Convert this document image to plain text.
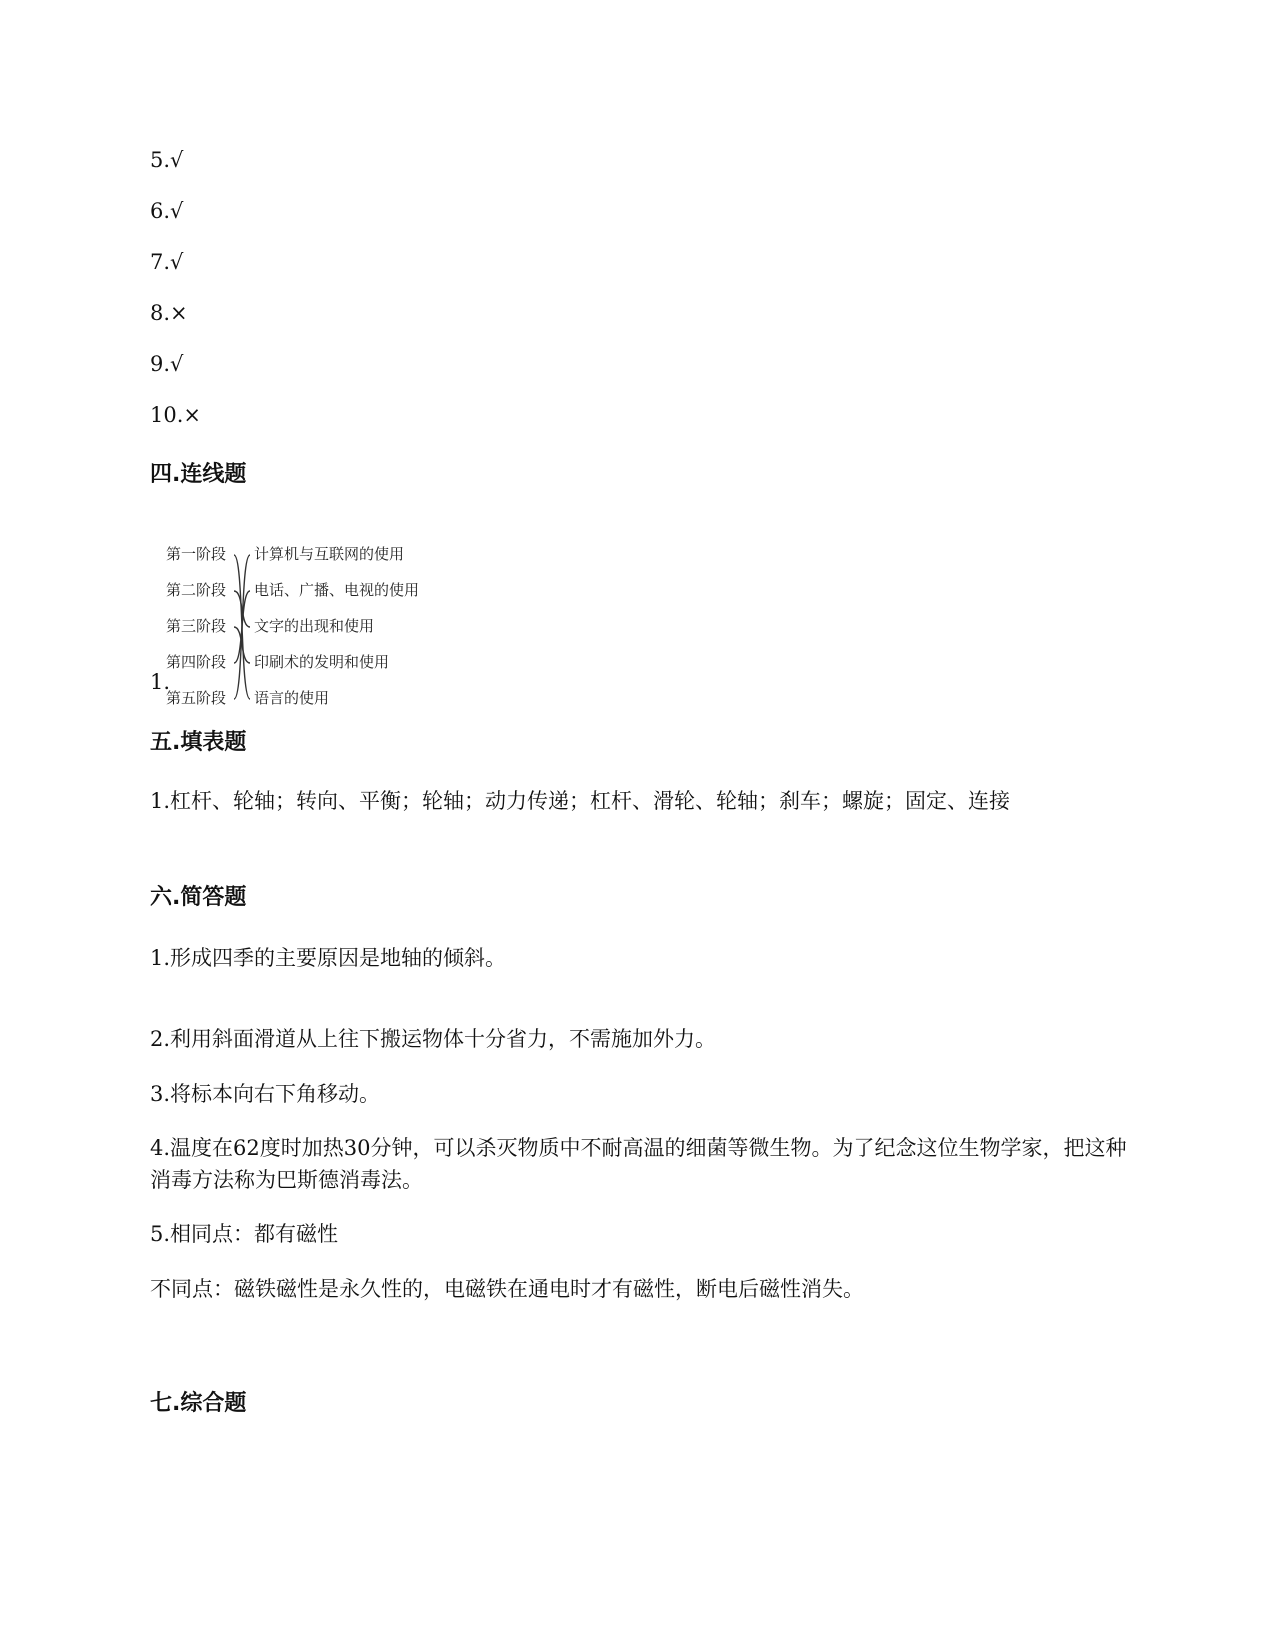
5.√
6.√
7.√
8.×
9.√
10.×
四.连线题
1.
第一阶段
第二阶段
第三阶段
第四阶段
第五阶段
计算机与互联网的使用
电话、广播、电视的使用
文字的出现和使用
印刷术的发明和使用
语言的使用
五.填表题
1.杠杆、轮轴；转向、平衡；轮轴；动力传递；杠杆、滑轮、轮轴；刹车；螺旋；固定、连接
六.简答题
1.形成四季的主要原因是地轴的倾斜。
2.利用斜面滑道从上往下搬运物体十分省力，不需施加外力。
3.将标本向右下角移动。
4.温度在62度时加热30分钟，可以杀灭物质中不耐高温的细菌等微生物。为了纪念这位生物学家，把这种消毒方法称为巴斯德消毒法。
5.相同点：都有磁性
不同点：磁铁磁性是永久性的，电磁铁在通电时才有磁性，断电后磁性消失。
七.综合题
